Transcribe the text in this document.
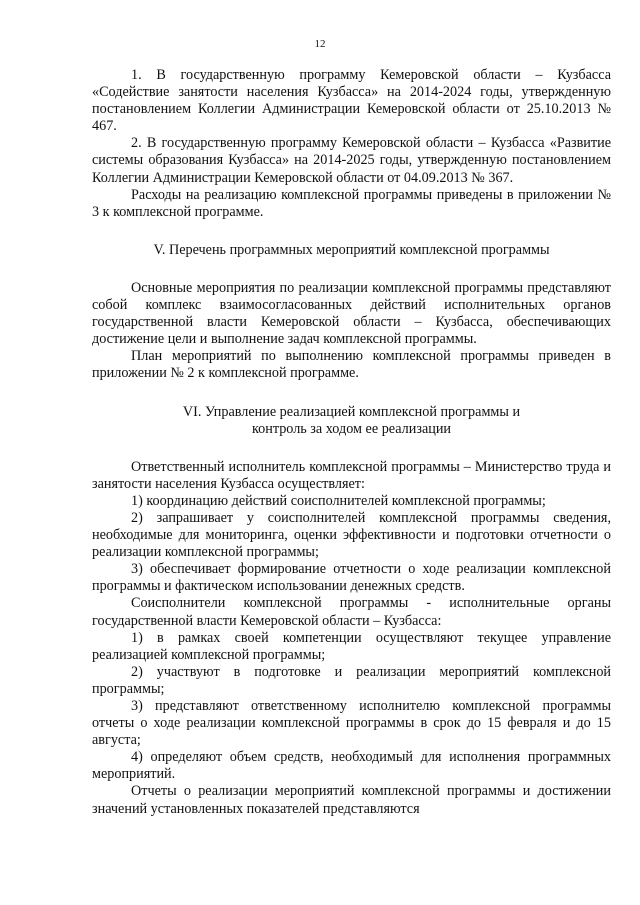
12

1. В государственную программу Кемеровской области – Кузбасса «Содействие занятости населения Кузбасса» на 2014-2024 годы, утвержденную постановлением Коллегии Администрации Кемеровской области от 25.10.2013 № 467.

2. В государственную программу Кемеровской области – Кузбасса «Развитие системы образования Кузбасса» на 2014-2025 годы, утвержденную постановлением Коллегии Администрации Кемеровской области от 04.09.2013 № 367.

Расходы на реализацию комплексной программы приведены в приложении № 3 к комплексной программе.

V. Перечень программных мероприятий комплексной программы

Основные мероприятия по реализации комплексной программы представляют собой комплекс взаимосогласованных действий исполнительных органов государственной власти Кемеровской области – Кузбасса, обеспечивающих достижение цели и выполнение задач комплексной программы.

План мероприятий по выполнению комплексной программы приведен в приложении № 2 к комплексной программе.

VI. Управление реализацией комплексной программы и

контроль за ходом ее реализации

Ответственный исполнитель комплексной программы – Министерство труда и занятости населения Кузбасса осуществляет:

1) координацию действий соисполнителей комплексной программы;

2) запрашивает у соисполнителей комплексной программы сведения, необходимые для мониторинга, оценки эффективности и подготовки отчетности о реализации комплексной программы;

3) обеспечивает формирование отчетности о ходе реализации комплексной программы и фактическом использовании денежных средств.

Соисполнители комплексной программы - исполнительные органы государственной власти Кемеровской области – Кузбасса:

1) в рамках своей компетенции осуществляют текущее управление реализацией комплексной программы;

2) участвуют в подготовке и реализации мероприятий комплексной программы;

3) представляют ответственному исполнителю комплексной программы отчеты о ходе реализации комплексной программы в срок до 15 февраля и до 15 августа;

4) определяют объем средств, необходимый для исполнения программных мероприятий.

Отчеты о реализации мероприятий комплексной программы и достижении значений установленных показателей представляются
